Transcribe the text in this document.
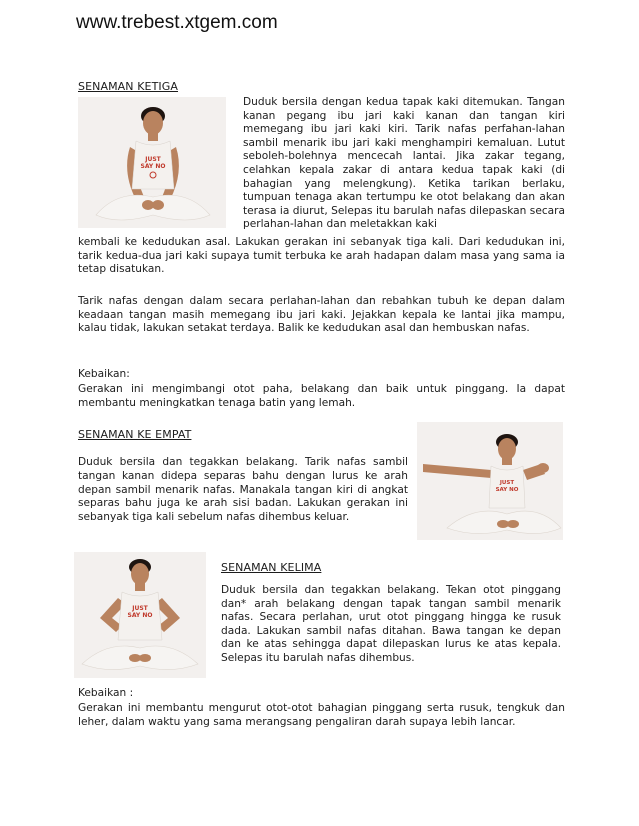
www.trebest.xtgem.com
SENAMAN KETIGA
JUST
SAY NO
Duduk bersila dengan kedua tapak kaki ditemukan. Tangan kanan pegang ibu jari kaki kanan dan tangan kiri memegang ibu jari kaki kiri. Tarik nafas perfahan-lahan sambil menarik ibu jari kaki menghampiri kemaluan. Lutut seboleh-bolehnya mencecah lantai. Jika zakar tegang, celahkan kepala zakar di antara kedua tapak kaki (di bahagian yang melengkung). Ketika tarikan berlaku, tumpuan tenaga akan tertumpu ke otot belakang dan akan terasa ia diurut, Selepas itu barulah nafas dilepaskan secara perlahan-lahan dan meletakkan kaki
kembali ke kedudukan asal. Lakukan gerakan ini sebanyak tiga kali. Dari kedudukan ini, tarik kedua-dua jari kaki supaya tumit terbuka ke arah hadapan dalam masa yang sama ia tetap disatukan.
Tarik nafas dengan dalam secara perlahan-lahan dan rebahkan tubuh ke depan dalam keadaan tangan masih memegang ibu jari kaki. Jejakkan kepala ke lantai jika mampu, kalau tidak, lakukan setakat terdaya. Balik ke kedudukan asal dan hembuskan nafas.
Kebaikan:
Gerakan ini mengimbangi otot paha, belakang dan baik untuk pinggang. Ia dapat membantu meningkatkan tenaga batin yang lemah.
SENAMAN KE EMPAT
Duduk bersila dan tegakkan belakang. Tarik nafas sambil tangan kanan didepa separas bahu dengan lurus ke arah depan sambil menarik nafas. Manakala tangan kiri di angkat separas bahu juga ke arah sisi badan. Lakukan gerakan ini sebanyak tiga kali sebelum nafas dihembus keluar.
JUST
SAY NO
JUST
SAY NO
SENAMAN KELIMA
Duduk bersila dan tegakkan belakang. Tekan otot pinggang dan* arah belakang dengan tapak tangan sambil menarik nafas. Secara perlahan, urut otot pinggang hingga ke rusuk dada. Lakukan sambil nafas ditahan. Bawa tangan ke depan dan ke atas sehingga dapat dilepaskan lurus ke atas kepala. Selepas itu barulah nafas dihembus.
Kebaikan :
Gerakan ini membantu mengurut otot-otot bahagian pinggang serta rusuk, tengkuk dan leher, dalam waktu yang sama merangsang pengaliran darah supaya lebih lancar.
